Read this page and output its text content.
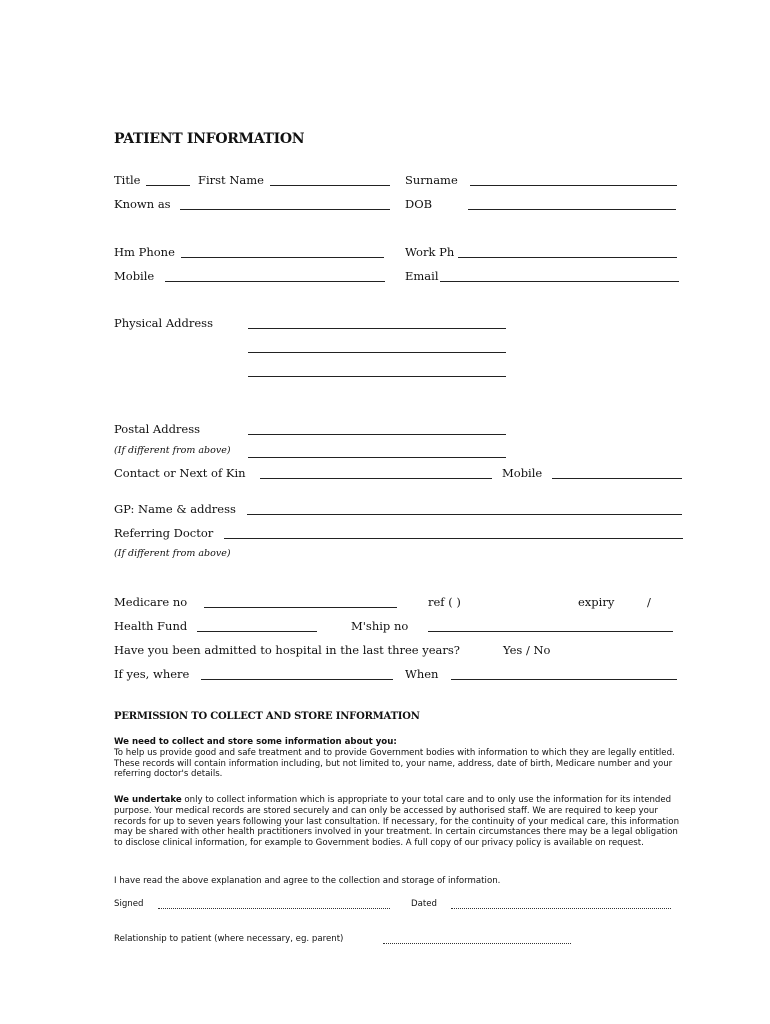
PATIENT INFORMATION
Title	First Name	Surname
Known as	DOB
Hm Phone	Work Ph
Mobile	Email
Physical Address
Postal Address
(If different from above)
Contact or Next of Kin	Mobile
GP: Name & address
Referring Doctor
(If different from above)
Medicare no	ref ( )	expiry	/
Health Fund	M'ship no
Have you been admitted to hospital in the last three years?	Yes / No
If yes, where	When
PERMISSION TO COLLECT AND STORE INFORMATION
We need to collect and store some information about you:
To help us provide good and safe treatment and to provide Government bodies with information to which they are legally entitled. These records will contain information including, but not limited to, your name, address, date of birth, Medicare number and your referring doctor's details.
We undertake only to collect information which is appropriate to your total care and to only use the information for its intended purpose. Your medical records are stored securely and can only be accessed by authorised staff. We are required to keep your records for up to seven years following your last consultation. If necessary, for the continuity of your medical care, this information may be shared with other health practitioners involved in your treatment. In certain circumstances there may be a legal obligation to disclose clinical information, for example to Government bodies. A full copy of our privacy policy is available on request.
I have read the above explanation and agree to the collection and storage of information.
Signed	Dated
Relationship to patient (where necessary, eg. parent)
